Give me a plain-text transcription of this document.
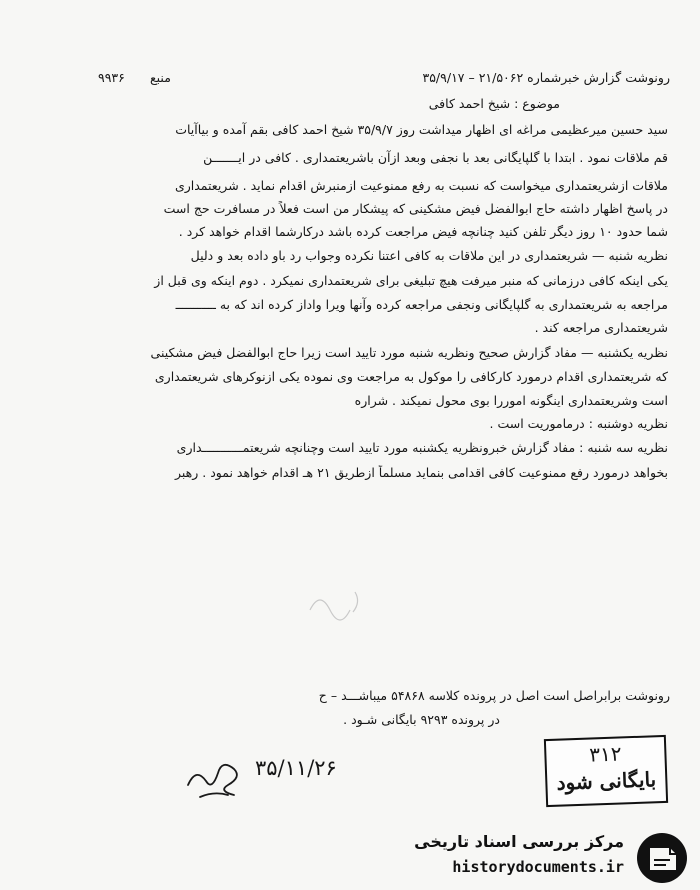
رونوشت گزارش خبرشماره ۲۱/۵۰۶۲ – ۳۵/۹/۱۷
منبع
۹۹۳۶
موضوع : شیخ احمد کافی
سید حسین میرعظیمی مراغه ای اظهار میداشت روز ۳۵/۹/۷ شیخ احمد کافی بقم آمده و بیاآیات
قم ملاقات نمود . ابتدا با گلپایگانی بعد با نجفی وبعد ازآن باشریعتمداری . کافی در ایـــــــن
ملاقات ازشریعتمداری میخواست که نسبت به رفع ممنوعیت ازمنبرش اقدام نماید . شریعتمداری
در پاسخ اظهار داشته حاج ابوالفضل فیض مشکینی که پیشکار من است فعلاً در مسافرت حج است
شما حدود ۱۰ روز دیگر تلفن کنید چنانچه فیض مراجعت کرده باشد درکارشما اقدام خواهد کرد .
نظریه شنبه — شریعتمداری در این ملاقات به کافی اعتنا نکرده وجواب رد باو داده بعد و دلیل
یکی اینکه کافی درزمانی که منبر میرفت هیچ تبلیغی برای شریعتمداری نمیکرد . دوم اینکه وی قبل از
مراجعه به شریعتمداری به گلپایگانی ونجفی مراجعه کرده وآنها ویرا واداز کرده اند که به ـــــــــــ
شریعتمداری مراجعه کند .
نظریه یکشنبه — مفاد گزارش صحیح ونظریه شنبه مورد تایید است زیرا حاج ابوالفضل فیض مشکینی
که شریعتمداری اقدام درمورد کارکافی را موکول به مراجعت وی نموده یکی ازنوکرهای شریعتمداری
است وشریعتمداری اینگونه اموررا بوی محول نمیکند . شراره
نظریه دوشنبه : درماموریت است .
نظریه سه شنبه : مفاد گزارش خبرونظریه یکشنبه مورد تایید است وچنانچه شریعتمـــــــــــداری
بخواهد درمورد رفع ممنوعیت کافی اقدامی بنماید مسلماً ازطریق ۲۱ هـ اقدام خواهد نمود . رهبر
رونوشت برابراصل است اصل در پرونده کلاسه ۵۴۸۶۸ میباشـــد – ح
در پرونده ۹۲۹۳ بایگانی شـود .
۳۵/۱۱/۲۶
۳۱۲
بایگانی شود
مرکز بررسی اسناد تاریخی
historydocuments.ir
